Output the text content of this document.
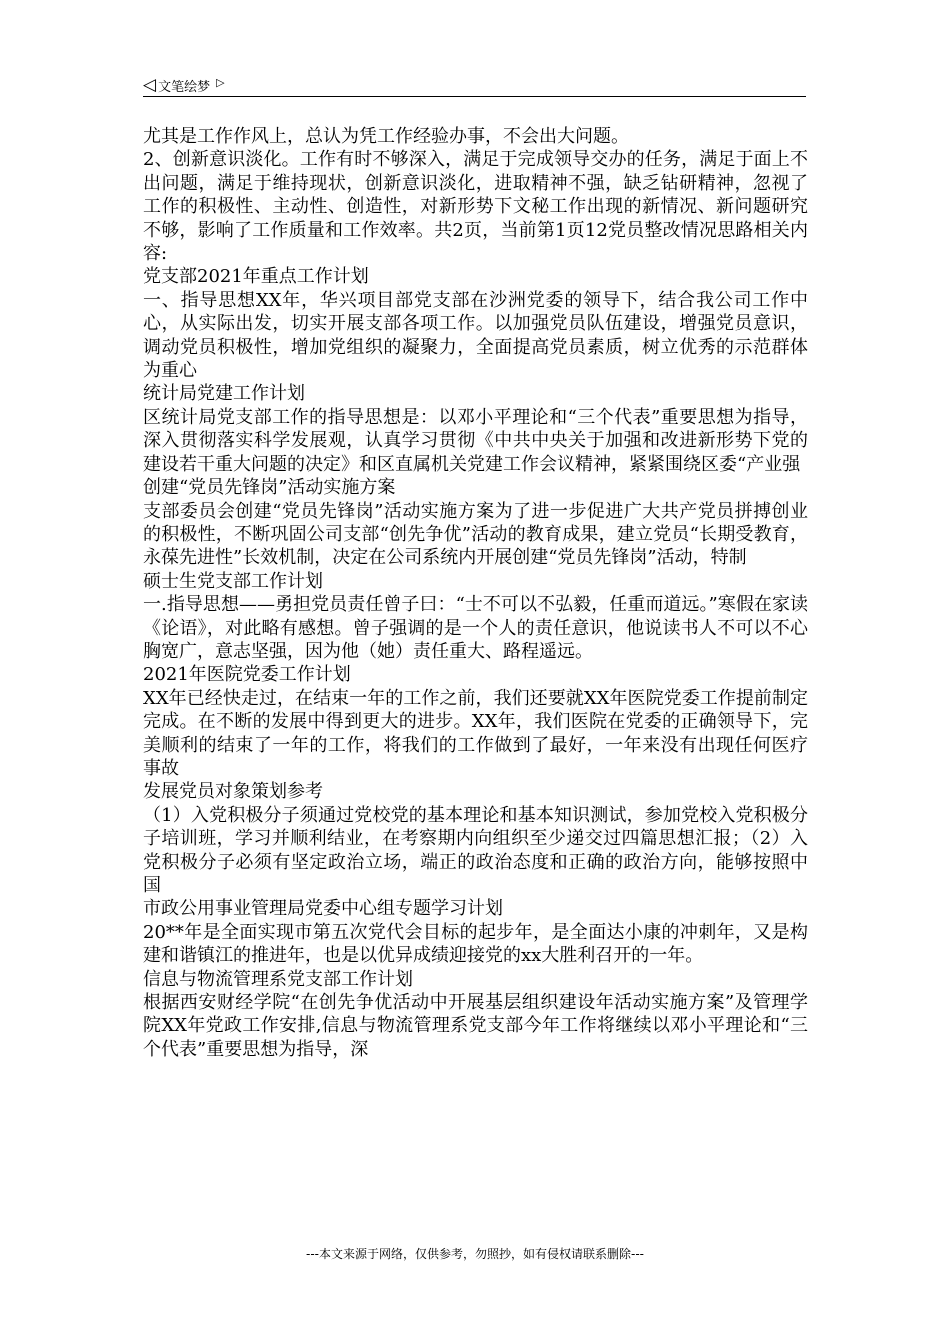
◁ 文笔绘梦 ▷

尤其是工作作风上，总认为凭工作经验办事，不会出大问题。

2、创新意识淡化。工作有时不够深入，满足于完成领导交办的任务，满足于面上不出问题，满足于维持现状，创新意识淡化，进取精神不强，缺乏钻研精神，忽视了工作的积极性、主动性、创造性，对新形势下文秘工作出现的新情况、新问题研究不够，影响了工作质量和工作效率。共2页，当前第1页12党员整改情况思路相关内容:

党支部2021年重点工作计划

一、指导思想XX年，华兴项目部党支部在沙洲党委的领导下，结合我公司工作中心，从实际出发，切实开展支部各项工作。以加强党员队伍建设，增强党员意识，调动党员积极性，增加党组织的凝聚力，全面提高党员素质，树立优秀的示范群体为重心

统计局党建工作计划

区统计局党支部工作的指导思想是：以邓小平理论和“三个代表”重要思想为指导，深入贯彻落实科学发展观，认真学习贯彻《中共中央关于加强和改进新形势下党的建设若干重大问题的决定》和区直属机关党建工作会议精神，紧紧围绕区委“产业强

创建“党员先锋岗”活动实施方案

支部委员会创建“党员先锋岗”活动实施方案为了进一步促进广大共产党员拼搏创业的积极性，不断巩固公司支部“创先争优”活动的教育成果，建立党员“长期受教育，永葆先进性”长效机制，决定在公司系统内开展创建“党员先锋岗”活动，特制

硕士生党支部工作计划

一.指导思想——勇担党员责任曾子曰：“士不可以不弘毅，任重而道远。”寒假在家读《论语》，对此略有感想。曾子强调的是一个人的责任意识，他说读书人不可以不心胸宽广，意志坚强，因为他（她）责任重大、路程遥远。

2021年医院党委工作计划

XX年已经快走过，在结束一年的工作之前，我们还要就XX年医院党委工作提前制定完成。在不断的发展中得到更大的进步。XX年，我们医院在党委的正确领导下，完美顺利的结束了一年的工作，将我们的工作做到了最好，一年来没有出现任何医疗事故

发展党员对象策划参考

（1）入党积极分子须通过党校党的基本理论和基本知识测试，参加党校入党积极分子培训班，学习并顺利结业，在考察期内向组织至少递交过四篇思想汇报；（2）入党积极分子必须有坚定政治立场，端正的政治态度和正确的政治方向，能够按照中国

市政公用事业管理局党委中心组专题学习计划

20**年是全面实现市第五次党代会目标的起步年，是全面达小康的冲刺年，又是构建和谐镇江的推进年，也是以优异成绩迎接党的xx大胜利召开的一年。

信息与物流管理系党支部工作计划

根据西安财经学院“在创先争优活动中开展基层组织建设年活动实施方案”及管理学院XX年党政工作安排,信息与物流管理系党支部今年工作将继续以邓小平理论和“三个代表”重要思想为指导，深

---本文来源于网络，仅供参考，勿照抄，如有侵权请联系删除---
